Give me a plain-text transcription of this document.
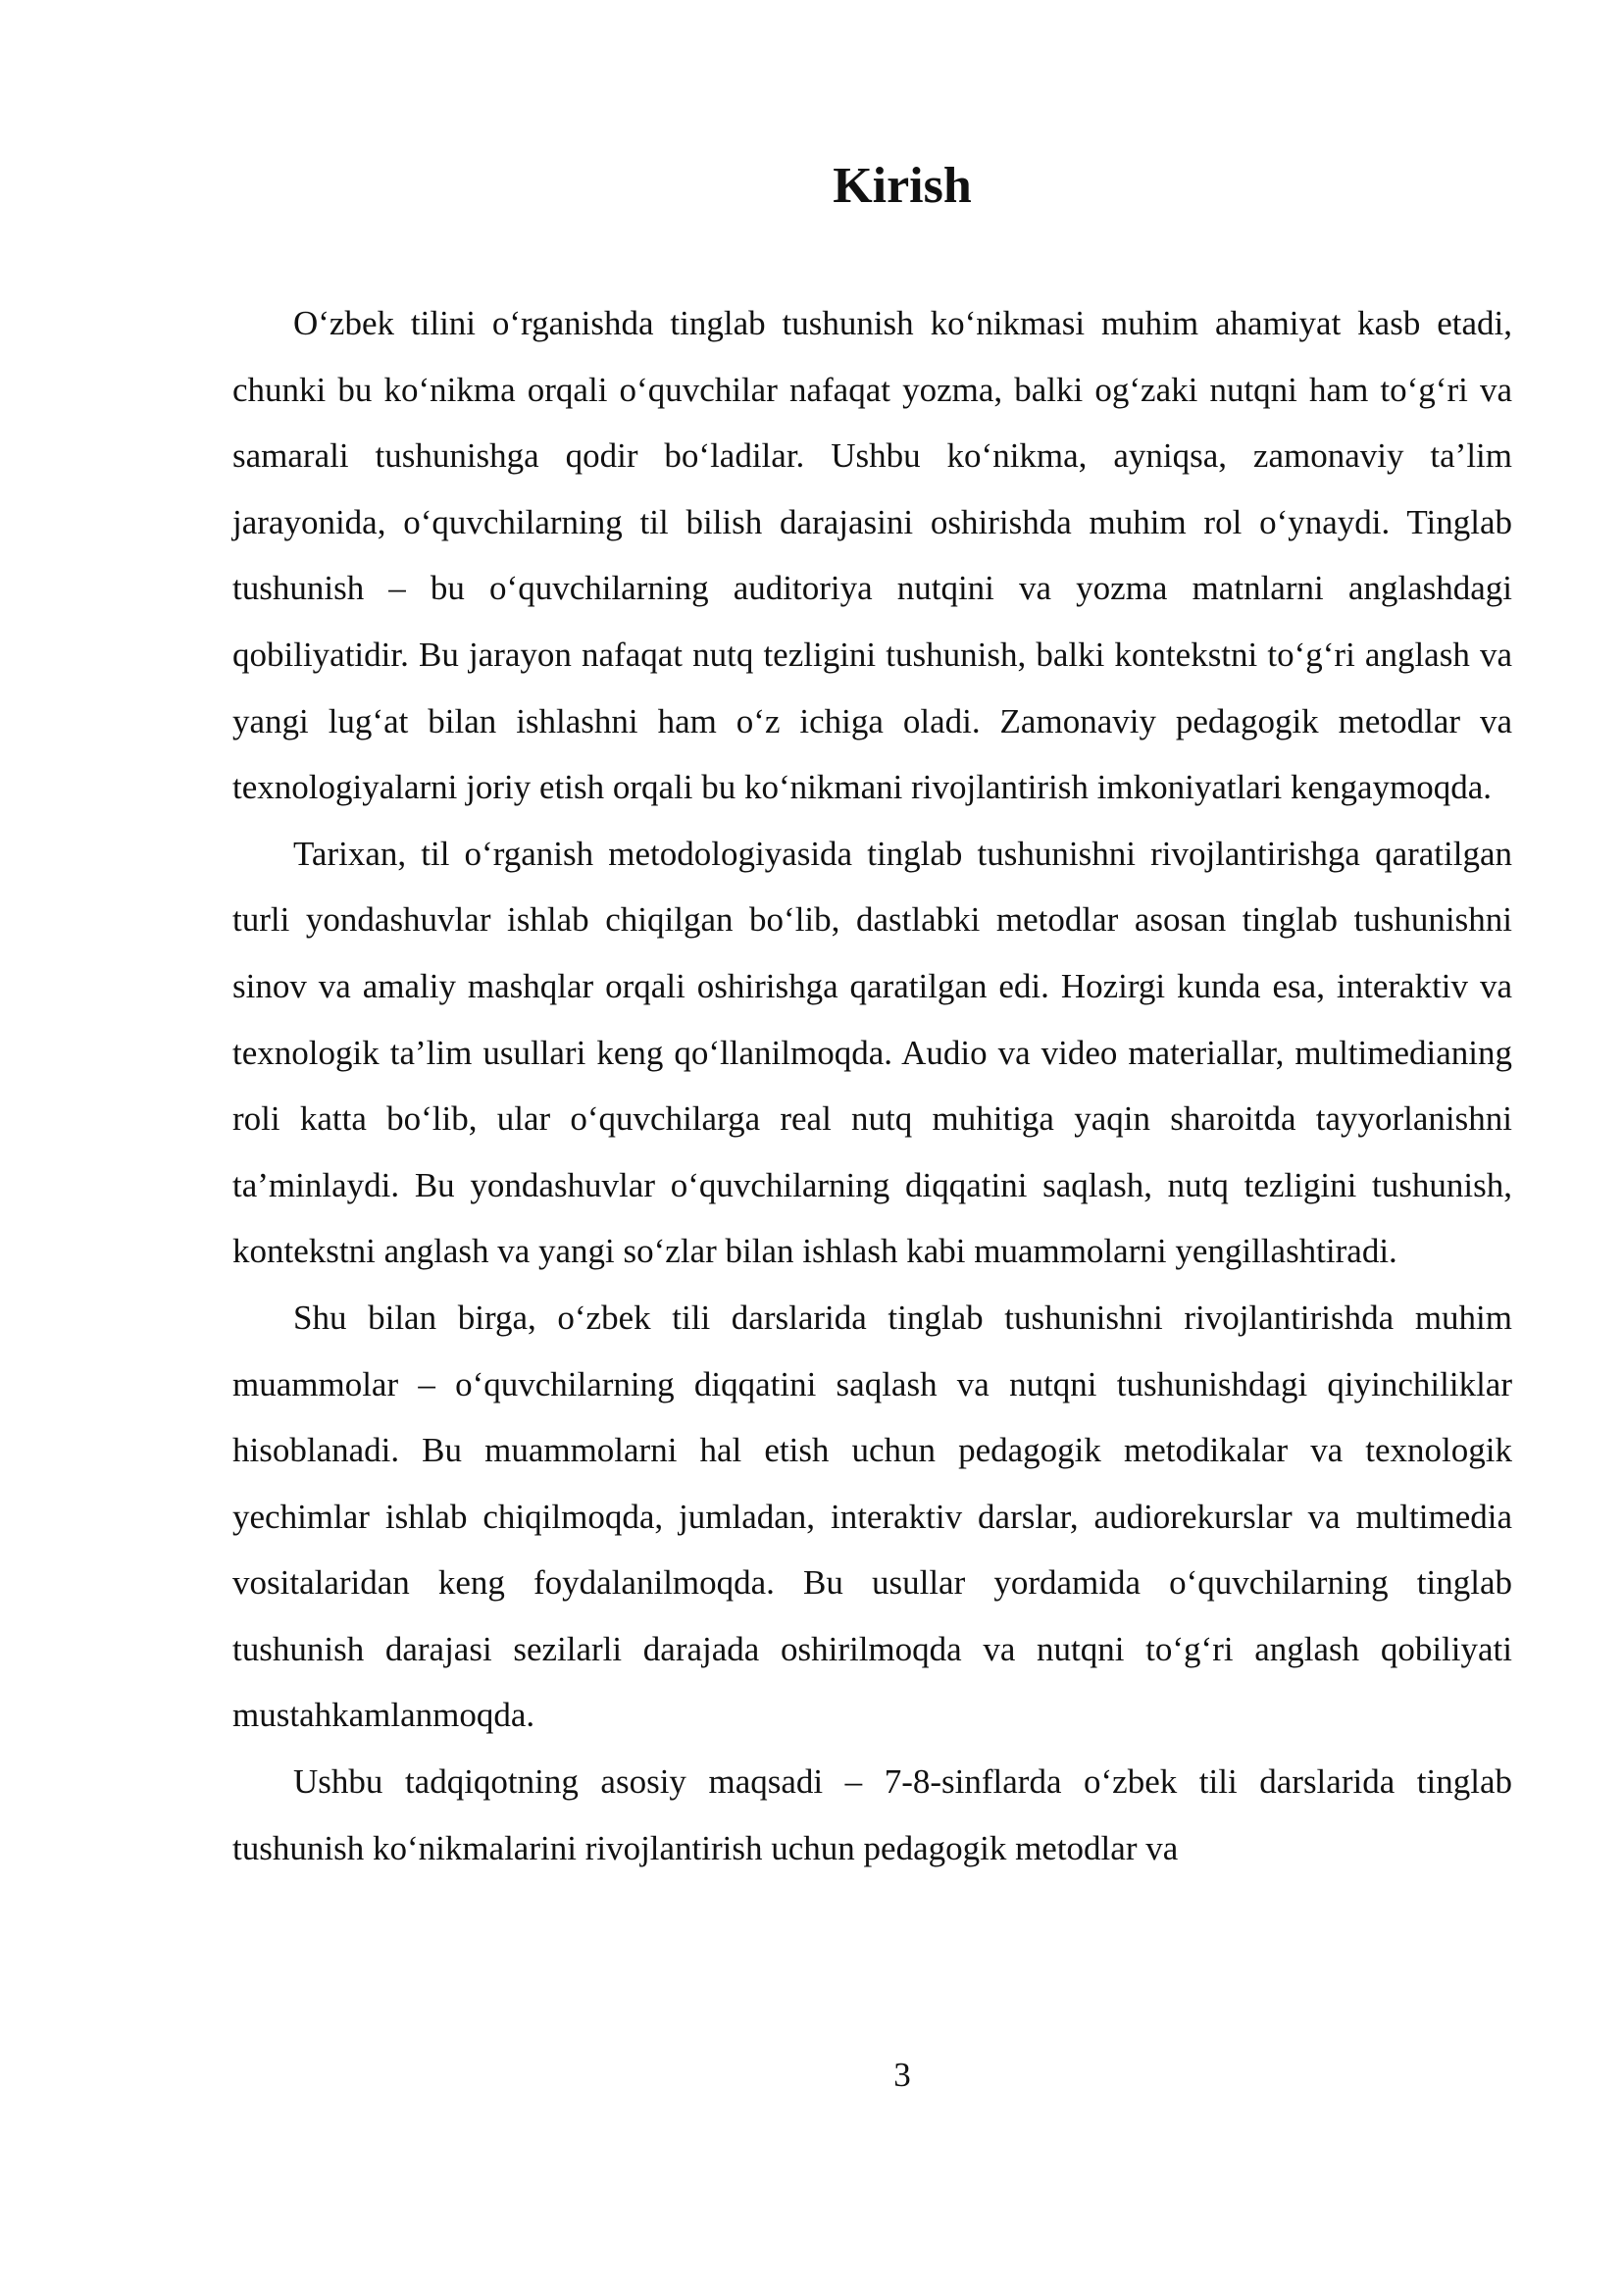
Kirish

O‘zbek tilini o‘rganishda tinglab tushunish ko‘nikmasi muhim ahamiyat kasb etadi, chunki bu ko‘nikma orqali o‘quvchilar nafaqat yozma, balki og‘zaki nutqni ham to‘g‘ri va samarali tushunishga qodir bo‘ladilar. Ushbu ko‘nikma, ayniqsa, zamonaviy ta’lim jarayonida, o‘quvchilarning til bilish darajasini oshirishda muhim rol o‘ynaydi. Tinglab tushunish – bu o‘quvchilarning auditoriya nutqini va yozma matnlarni anglashdagi qobiliyatidir. Bu jarayon nafaqat nutq tezligini tushunish, balki kontekstni to‘g‘ri anglash va yangi lug‘at bilan ishlashni ham o‘z ichiga oladi. Zamonaviy pedagogik metodlar va texnologiyalarni joriy etish orqali bu ko‘nikmani rivojlantirish imkoniyatlari kengaymoqda.

Tarixan, til o‘rganish metodologiyasida tinglab tushunishni rivojlantirishga qaratilgan turli yondashuvlar ishlab chiqilgan bo‘lib, dastlabki metodlar asosan tinglab tushunishni sinov va amaliy mashqlar orqali oshirishga qaratilgan edi. Hozirgi kunda esa, interaktiv va texnologik ta’lim usullari keng qo‘llanilmoqda. Audio va video materiallar, multimedianing roli katta bo‘lib, ular o‘quvchilarga real nutq muhitiga yaqin sharoitda tayyorlanishni ta’minlaydi. Bu yondashuvlar o‘quvchilarning diqqatini saqlash, nutq tezligini tushunish, kontekstni anglash va yangi so‘zlar bilan ishlash kabi muammolarni yengillashtiradi.

Shu bilan birga, o‘zbek tili darslarida tinglab tushunishni rivojlantirishda muhim muammolar – o‘quvchilarning diqqatini saqlash va nutqni tushunishdagi qiyinchiliklar hisoblanadi. Bu muammolarni hal etish uchun pedagogik metodikalar va texnologik yechimlar ishlab chiqilmoqda, jumladan, interaktiv darslar, audiorekurslar va multimedia vositalaridan keng foydalanilmoqda. Bu usullar yordamida o‘quvchilarning tinglab tushunish darajasi sezilarli darajada oshirilmoqda va nutqni to‘g‘ri anglash qobiliyati mustahkamlanmoqda.

Ushbu tadqiqotning asosiy maqsadi – 7-8-sinflarda o‘zbek tili darslarida tinglab tushunish ko‘nikmalarini rivojlantirish uchun pedagogik metodlar va

3
